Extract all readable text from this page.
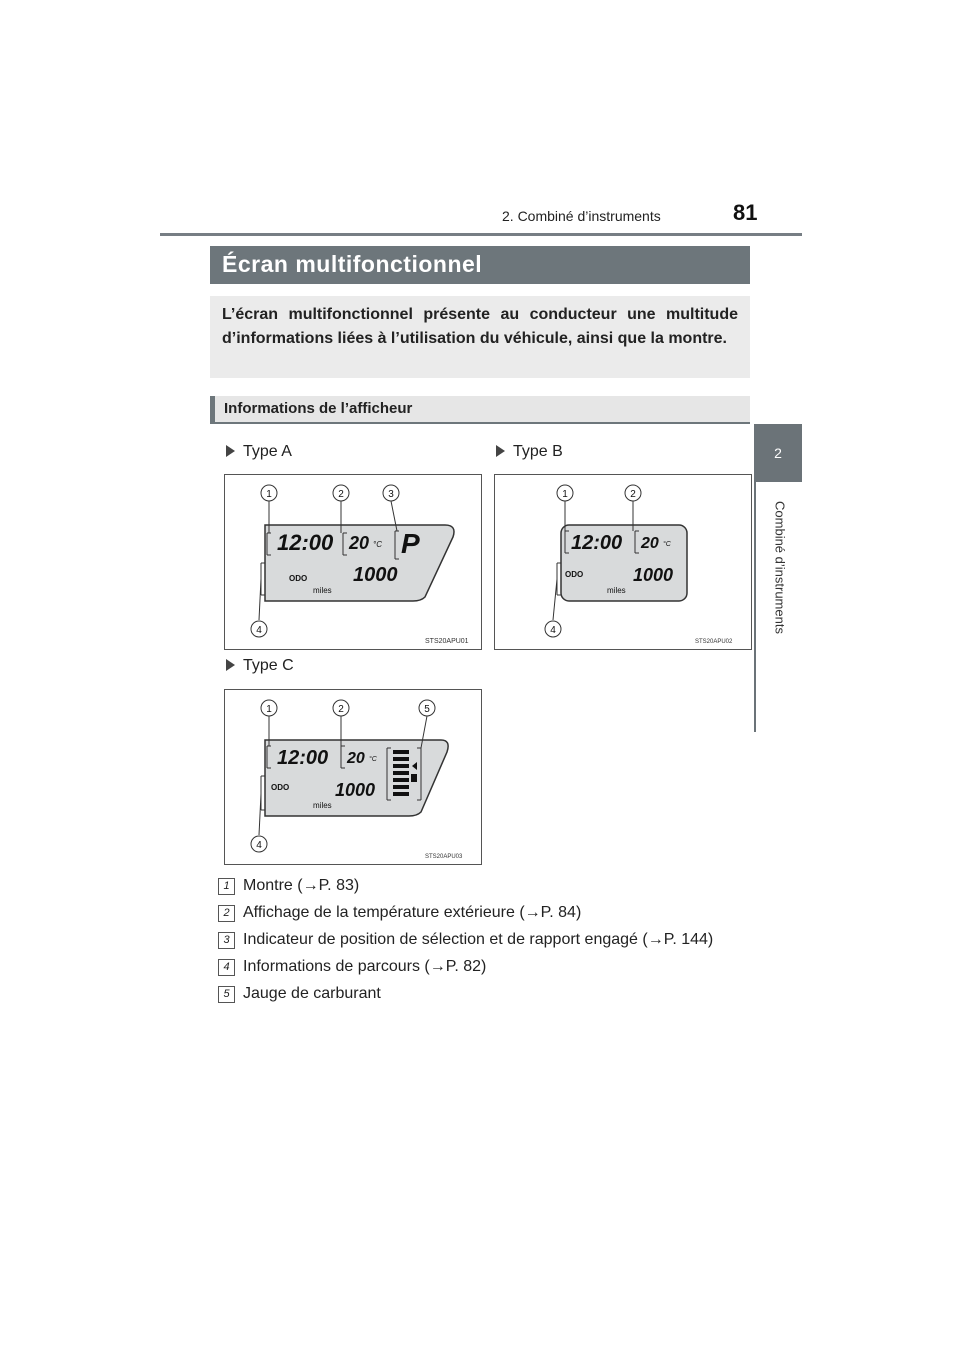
2. Combiné d’instruments	81
2
Combiné d’instruments
Écran multifonctionnel
L’écran multifonctionnel présente au conducteur une multitude d’informations liées à l’utilisation du véhicule, ainsi que la montre.
Informations de l’afficheur
Type A	Type B
Type C
12:00 20 °C P
1000
ODO
miles
1	2	3
4
STS20APU01
12:00 20 °C
1000
ODO
miles
1	2
4
STS20APU02
12:00 20 °C
1000
ODO
miles
1	2	5
4
STS20APU03
1 Montre (→P. 83)
2 Affichage de la température extérieure (→P. 84)
3 Indicateur de position de sélection et de rapport engagé (→P. 144)
4 Informations de parcours (→P. 82)
5 Jauge de carburant
